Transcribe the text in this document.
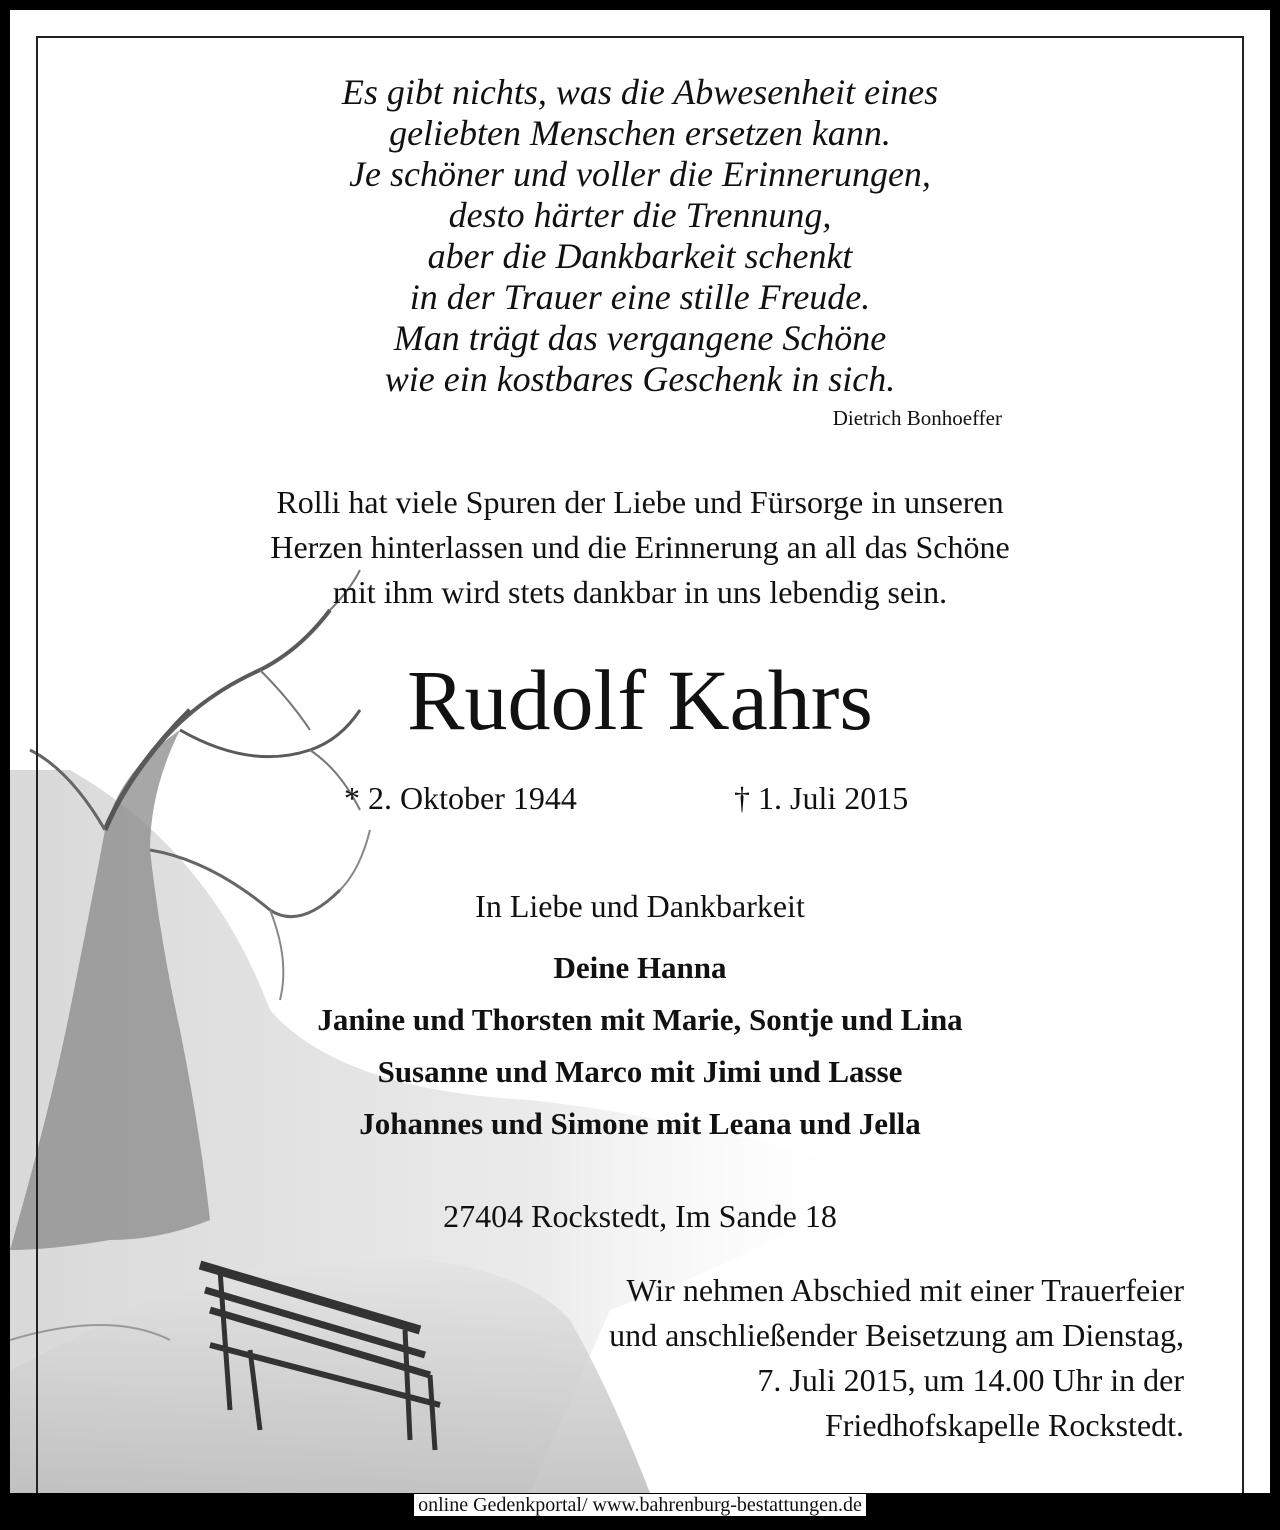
Es gibt nichts, was die Abwesenheit eines

geliebten Menschen ersetzen kann.

Je schöner und voller die Erinnerungen,

desto härter die Trennung,

aber die Dankbarkeit schenkt

in der Trauer eine stille Freude.

Man trägt das vergangene Schöne

wie ein kostbares Geschenk in sich.

Dietrich Bonhoeffer

Rolli hat viele Spuren der Liebe und Fürsorge in unseren

Herzen hinterlassen und die Erinnerung an all das Schöne

mit ihm wird stets dankbar in uns lebendig sein.

Rudolf Kahrs
* 2. Oktober 1944	† 1. Juli 2015
In Liebe und Dankbarkeit

Deine Hanna

Janine und Thorsten mit Marie, Sontje und Lina

Susanne und Marco mit Jimi und Lasse

Johannes und Simone mit Leana und Jella

27404 Rockstedt, Im Sande 18

Wir nehmen Abschied mit einer Trauerfeier

und anschließender Beisetzung am Dienstag,

7. Juli 2015, um 14.00 Uhr in der

Friedhofskapelle Rockstedt.

online Gedenkportal/ www.bahrenburg-bestattungen.de
